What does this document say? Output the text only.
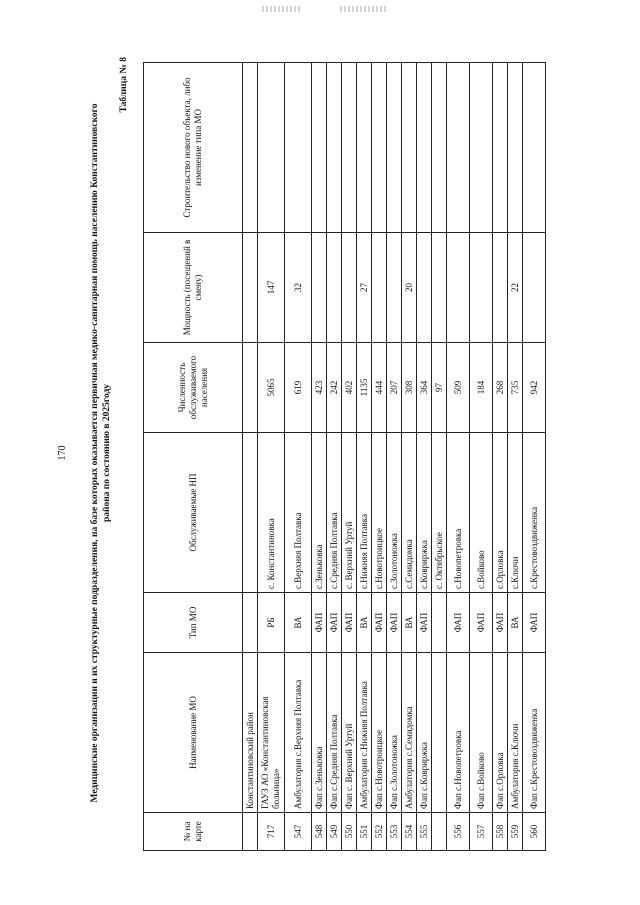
170 Медицинские организации и их структурные подразделения, на базе которых оказывается первичная медико-санитарная помощь населению Константиновского района по состоянию в 2025году
Таблица № 8
№ на карте	Наименование МО	Тип МО	Обслуживаемые НП	Численность обслуживаемого населения	Мощность (посещений в смену)	Строительство нового объекта, либо изменение типа МО
	Константиновский район					
717	ГАУЗ АО «Константиновская больница»	РБ	с. Константиновка	5065	147	
547	Амбулатория с.Верхняя Полтавка	ВА	с.Верхняя Полтавка	619	32	
548	Фап с.Зеньковка	ФАП	с.Зеньковка	423		
549	Фап с.Средняя Полтавка	ФАП	с.Средняя Полтавка	242		
550	Фап с. Верхний Уртуй	ФАП	с. Верхний Уртуй	402		
551	Амбулатория с.Нижняя Полтавка	ВА	с.Нижняя Полтавка	1135	27	
552	Фап с.Новотроицкое	ФАП	с.Новотроицкое	444		
553	Фап с.Золотоножка	ФАП	с.Золотоножка	207		
554	Амбулатория с.Семидомка	ВА	с.Семидомка	308	20	
555	Фап с.Ковриржка	ФАП	с.Ковриржка	364		
			с. Октябрьское	97		
556	Фап с.Новопетровка	ФАП	с.Новопетровка	509		
557	Фап с.Войково	ФАП	с.Войково	184		
558	Фап с.Орловка	ФАП	с.Орловка	268		
559	Амбулатория с.Ключи	ВА	с.Ключи	735	22	
560	Фап с.Крестовоздвиженка	ФАП	с.Крестовоздвиженка	942		
